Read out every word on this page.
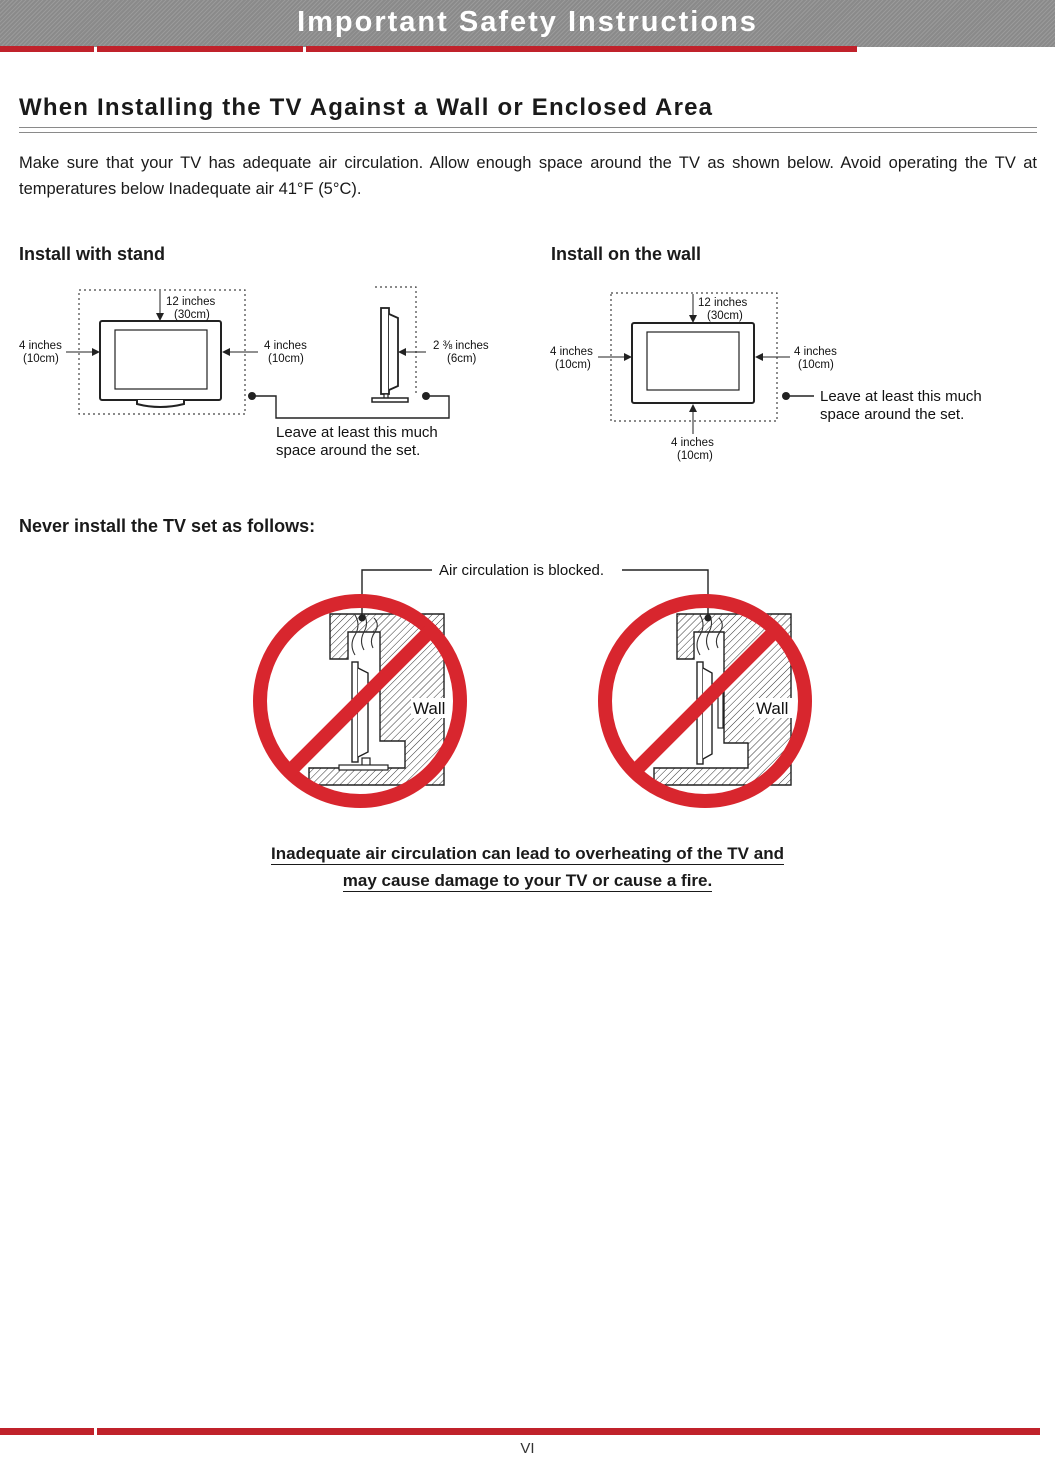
Important Safety Instructions
When Installing the TV Against a Wall or Enclosed Area

Make sure that your TV has adequate air circulation. Allow enough space around the TV as shown below. Avoid operating the TV at temperatures below Inadequate air 41°F (5°C).

Install with stand	Install on the wall
12 inches
(30cm)
4 inches
(10cm)
4 inches
(10cm)
2 ⅜ inches
(6cm)
Leave at least this much
space around the set.
12 inches
(30cm)
4 inches
(10cm)
4 inches
(10cm)
4 inches
(10cm)
Leave at least this much
space around the set.
Air circulation is blocked.
Wall	Wall
Never install the TV set as follows:

Inadequate air circulation can lead to overheating of the TV and

may cause damage to your TV or cause a fire.

VI
